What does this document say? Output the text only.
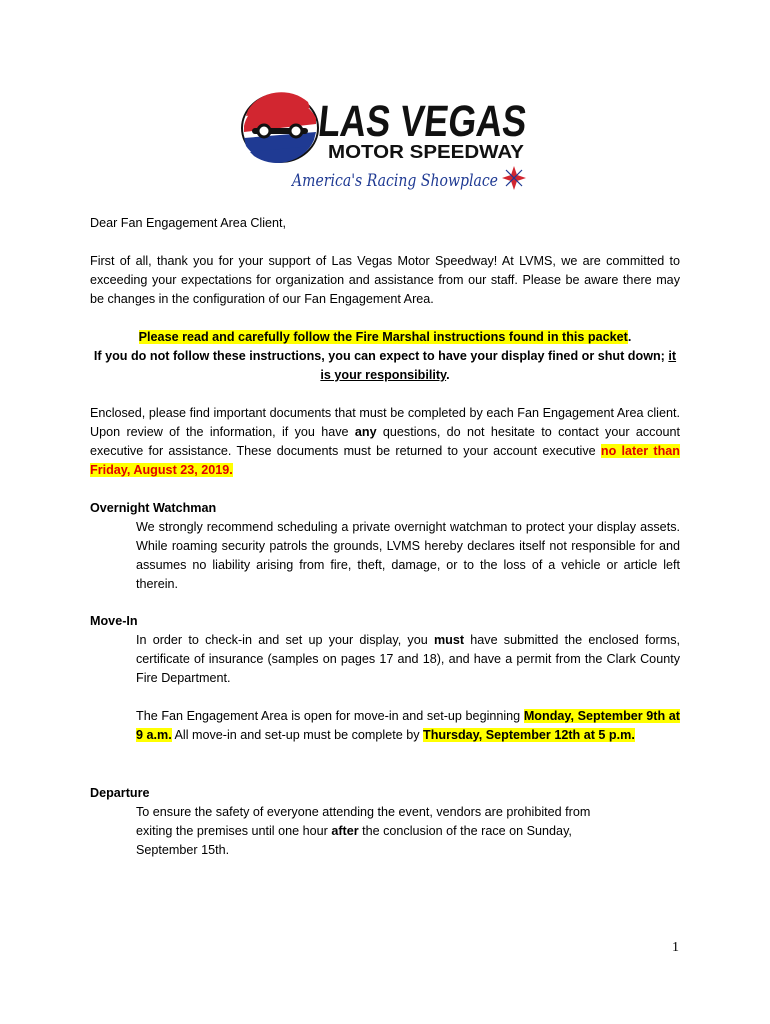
LAS VEGAS
MOTOR SPEEDWAY
America's Racing Showplace

Dear Fan Engagement Area Client,

First of all, thank you for your support of Las Vegas Motor Speedway! At LVMS, we are committed to exceeding your expectations for organization and assistance from our staff. Please be aware there may be changes in the configuration of our Fan Engagement Area.

Please read and carefully follow the Fire Marshal instructions found in this packet.

If you do not follow these instructions, you can expect to have your display fined or shut down; it is your responsibility.

Enclosed, please find important documents that must be completed by each Fan Engagement Area client. Upon review of the information, if you have any questions, do not hesitate to contact your account executive for assistance. These documents must be returned to your account executive no later than Friday, August 23, 2019.

Overnight Watchman

We strongly recommend scheduling a private overnight watchman to protect your display assets. While roaming security patrols the grounds, LVMS hereby declares itself not responsible for and assumes no liability arising from fire, theft, damage, or to the loss of a vehicle or article left therein.

Move-In

In order to check-in and set up your display, you must have submitted the enclosed forms, certificate of insurance (samples on pages 17 and 18), and have a permit from the Clark County Fire Department.

The Fan Engagement Area is open for move-in and set-up beginning Monday, September 9th at 9 a.m. All move-in and set-up must be complete by Thursday, September 12th at 5 p.m.

Departure

To ensure the safety of everyone attending the event, vendors are prohibited from

exiting the premises until one hour after the conclusion of the race on Sunday,

September 15th.

1
